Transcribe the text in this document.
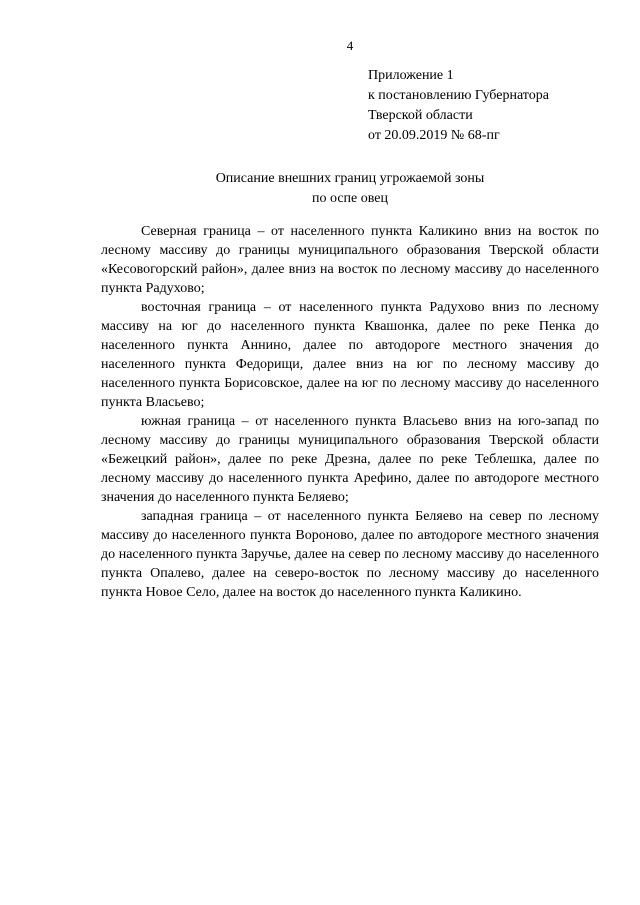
4
Приложение 1
к постановлению Губернатора
Тверской области
от 20.09.2019 № 68-пг
Описание внешних границ угрожаемой зоны
по оспе овец

Северная граница – от населенного пункта Каликино вниз на восток по лесному массиву до границы муниципального образования Тверской области «Кесовогорский район», далее вниз на восток по лесному массиву до населенного пункта Радухово;

восточная граница – от населенного пункта Радухово вниз по лесному массиву на юг до населенного пункта Квашонка, далее по реке Пенка до населенного пункта Аннино, далее по автодороге местного значения до населенного пункта Федорищи, далее вниз на юг по лесному массиву до населенного пункта Борисовское, далее на юг по лесному массиву до населенного пункта Власьево;

южная граница – от населенного пункта Власьево вниз на юго-запад по лесному массиву до границы муниципального образования Тверской области «Бежецкий район», далее по реке Дрезна, далее по реке Теблешка, далее по лесному массиву до населенного пункта Арефино, далее по автодороге местного значения до населенного пункта Беляево;

западная граница – от населенного пункта Беляево на север по лесному массиву до населенного пункта Вороново, далее по автодороге местного значения до населенного пункта Заручье, далее на север по лесному массиву до населенного пункта Опалево, далее на северо-восток по лесному массиву до населенного пункта Новое Село, далее на восток до населенного пункта Каликино.
